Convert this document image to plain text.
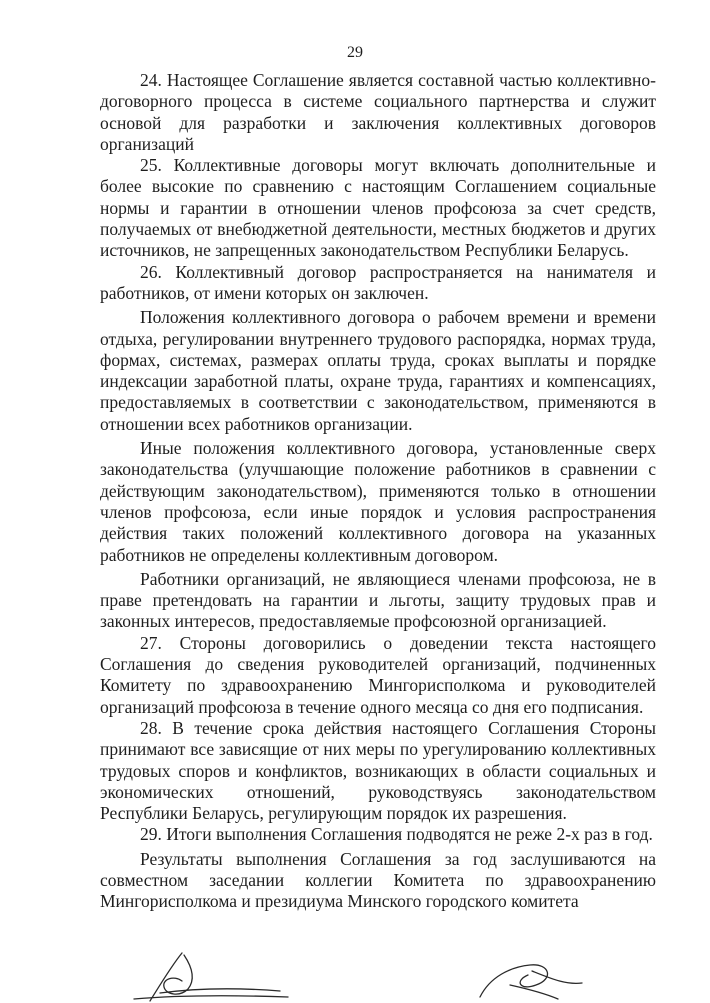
29

24. Настоящее Соглашение является составной частью коллективно-договорного процесса в системе социального партнерства и служит основой для разработки и заключения коллективных договоров организаций

25. Коллективные договоры могут включать дополнительные и более высокие по сравнению с настоящим Соглашением социальные нормы и гарантии в отношении членов профсоюза за счет средств, получаемых от внебюджетной деятельности, местных бюджетов и других источников, не запрещенных законодательством Республики Беларусь.

26. Коллективный договор распространяется на нанимателя и работников, от имени которых он заключен.

Положения коллективного договора о рабочем времени и времени отдыха, регулировании внутреннего трудового распорядка, нормах труда, формах, системах, размерах оплаты труда, сроках выплаты и порядке индексации заработной платы, охране труда, гарантиях и компенсациях, предоставляемых в соответствии с законодательством, применяются в отношении всех работников организации.

Иные положения коллективного договора, установленные сверх законодательства (улучшающие положение работников в сравнении с действующим законодательством), применяются только в отношении членов профсоюза, если иные порядок и условия распространения действия таких положений коллективного договора на указанных работников не определены коллективным договором.

Работники организаций, не являющиеся членами профсоюза, не в праве претендовать на гарантии и льготы, защиту трудовых прав и законных интересов, предоставляемые профсоюзной организацией.

27. Стороны договорились о доведении текста настоящего Соглашения до сведения руководителей организаций, подчиненных Комитету по здравоохранению Мингорисполкома и руководителей организаций профсоюза в течение одного месяца со дня его подписания.

28. В течение срока действия настоящего Соглашения Стороны принимают все зависящие от них меры по урегулированию коллективных трудовых споров и конфликтов, возникающих в области социальных и экономических отношений, руководствуясь законодательством Республики Беларусь, регулирующим порядок их разрешения.

29. Итоги выполнения Соглашения подводятся не реже 2-х раз в год.

Результаты выполнения Соглашения за год заслушиваются на совместном заседании коллегии Комитета по здравоохранению Мингорисполкома и президиума Минского городского комитета
